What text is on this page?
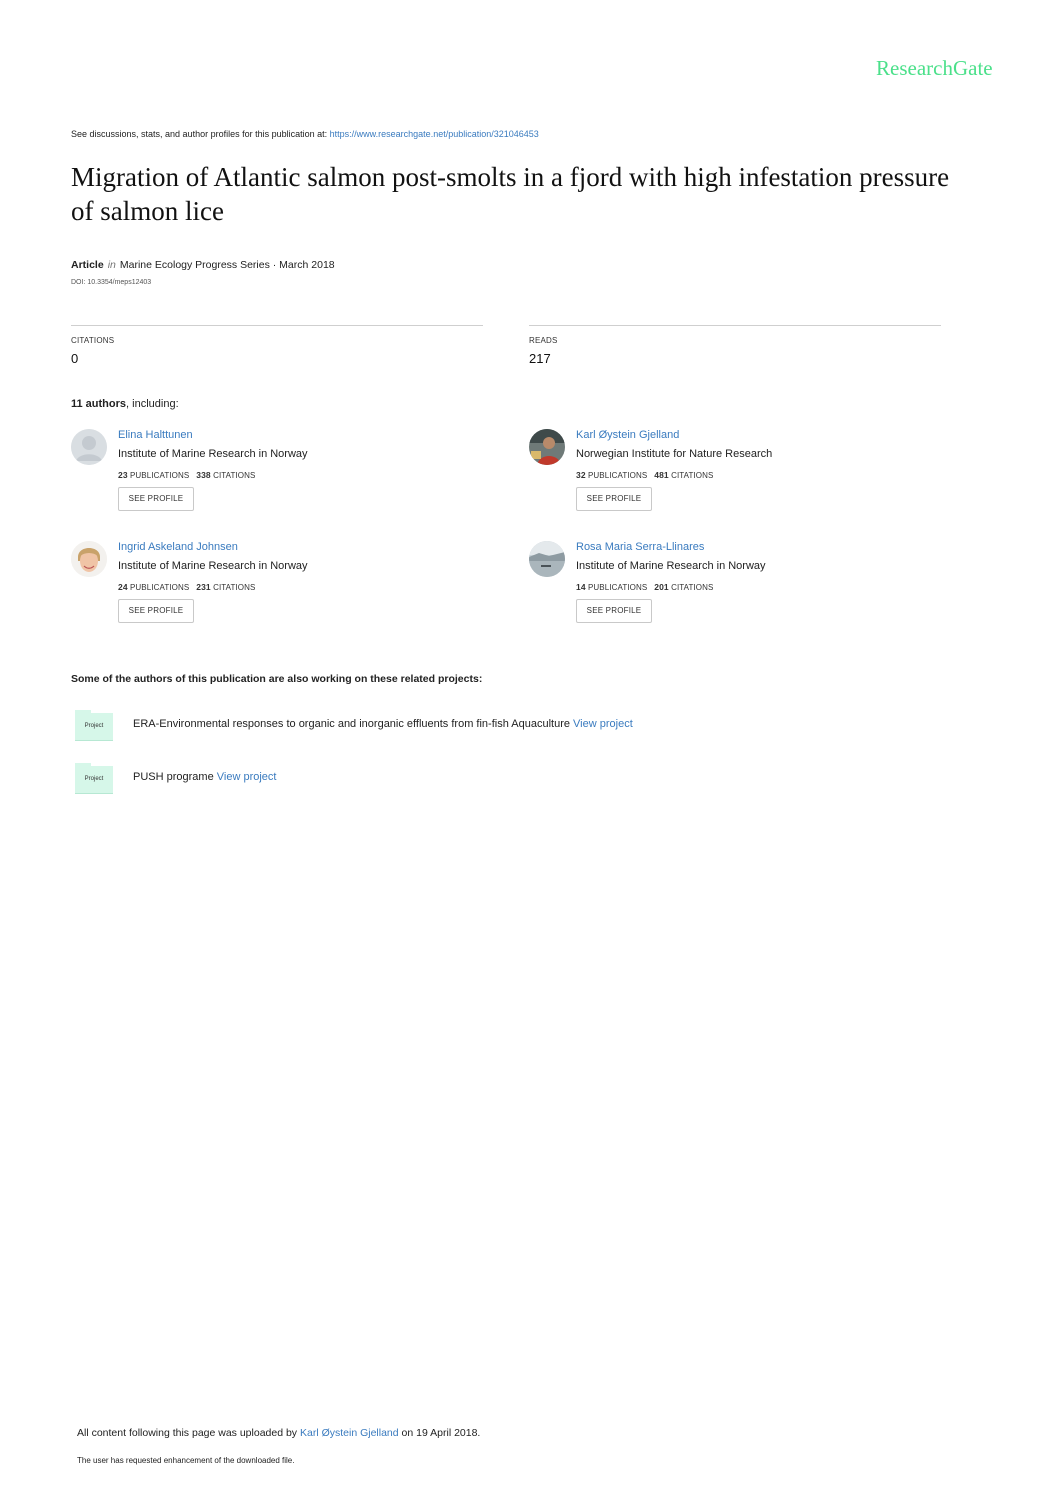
ResearchGate
See discussions, stats, and author profiles for this publication at: https://www.researchgate.net/publication/321046453
Migration of Atlantic salmon post-smolts in a fjord with high infestation pressure of salmon lice
Article in Marine Ecology Progress Series · March 2018
DOI: 10.3354/meps12403
CITATIONS
0
READS
217
11 authors, including:
Elina Halttunen
Institute of Marine Research in Norway
23 PUBLICATIONS 338 CITATIONS
SEE PROFILE
Karl Øystein Gjelland
Norwegian Institute for Nature Research
32 PUBLICATIONS 481 CITATIONS
SEE PROFILE
Ingrid Askeland Johnsen
Institute of Marine Research in Norway
24 PUBLICATIONS 231 CITATIONS
SEE PROFILE
Rosa Maria Serra-Llinares
Institute of Marine Research in Norway
14 PUBLICATIONS 201 CITATIONS
SEE PROFILE
Some of the authors of this publication are also working on these related projects:
Project	ERA-Environmental responses to organic and inorganic effluents from fin-fish Aquaculture View project
Project	PUSH programe View project
All content following this page was uploaded by Karl Øystein Gjelland on 19 April 2018.
The user has requested enhancement of the downloaded file.
